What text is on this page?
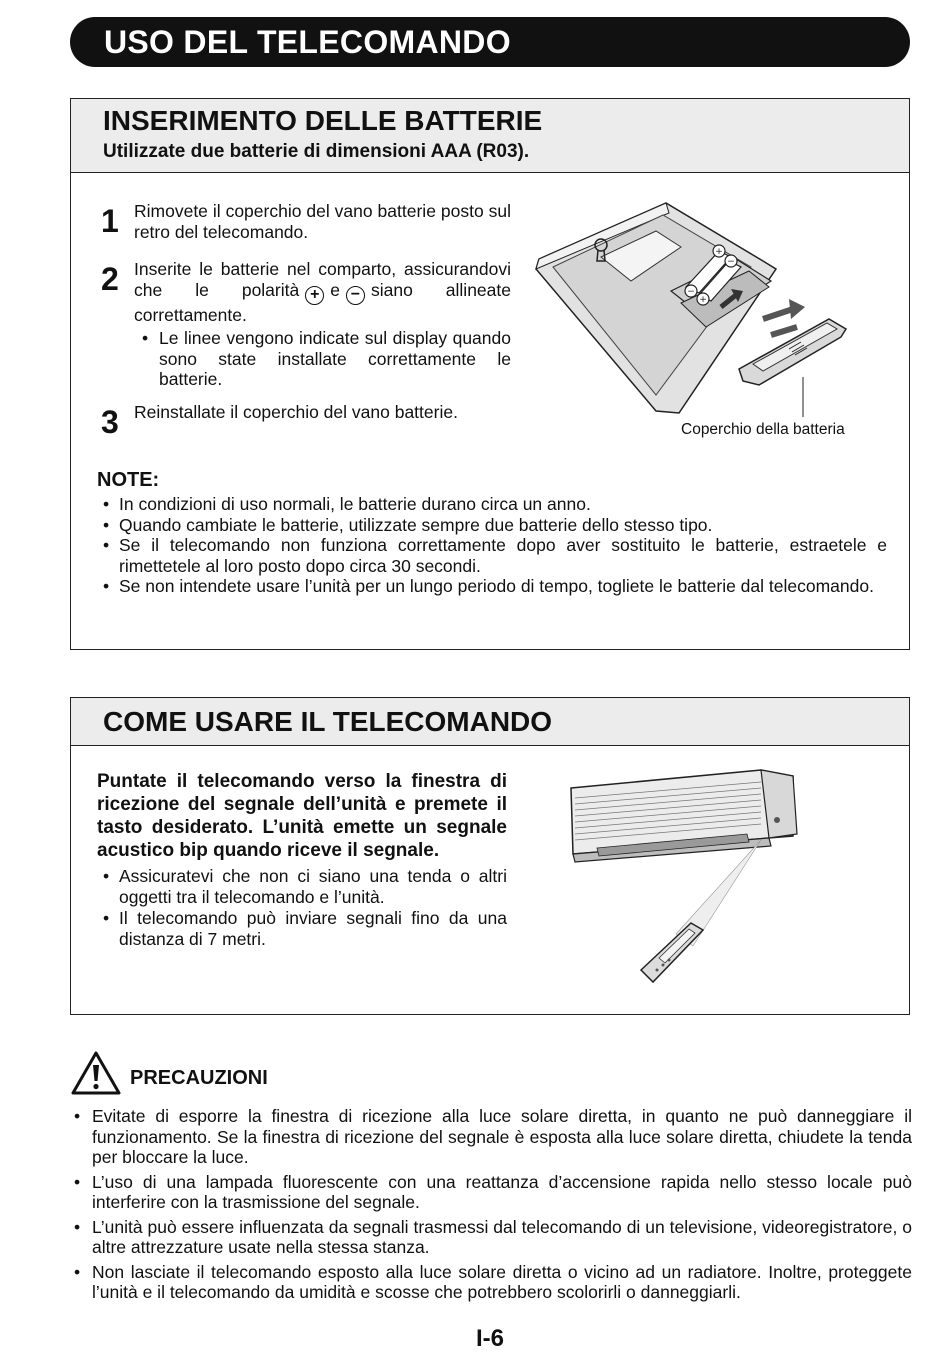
USO DEL TELECOMANDO
INSERIMENTO DELLE BATTERIE
Utilizzate due batterie di dimensioni AAA (R03).
1 Rimovete il coperchio del vano batterie posto sul retro del telecomando.
2 Inserite le batterie nel comparto, assicurandovi che le polarità + e − siano allineate correttamente.
• Le linee vengono indicate sul display quando sono state installate correttamente le batterie.
3 Reinstallate il coperchio del vano batterie.
+
−
−
+
Coperchio della batteria
NOTE:
• In condizioni di uso normali, le batterie durano circa un anno.
• Quando cambiate le batterie, utilizzate sempre due batterie dello stesso tipo.
• Se il telecomando non funziona correttamente dopo aver sostituito le batterie, estraetele e rimettetele al loro posto dopo circa 30 secondi.
• Se non intendete usare l’unità per un lungo periodo di tempo, togliete le batterie dal telecomando.
COME USARE IL TELECOMANDO

Puntate il telecomando verso la finestra di ricezione del segnale dell’unità e premete il tasto desiderato. L’unità emette un segnale acustico bip quando riceve il segnale.

• Assicuratevi che non ci siano una tenda o altri oggetti tra il telecomando e l’unità.
• Il telecomando può inviare segnali fino da una distanza di 7 metri.
PRECAUZIONI
• Evitate di esporre la finestra di ricezione alla luce solare diretta, in quanto ne può danneggiare il funzionamento. Se la finestra di ricezione del segnale è esposta alla luce solare diretta, chiudete la tenda per bloccare la luce.
• L’uso di una lampada fluorescente con una reattanza d’accensione rapida nello stesso locale può interferire con la trasmissione del segnale.
• L’unità può essere influenzata da segnali trasmessi dal telecomando di un televisione, videoregistratore, o altre attrezzature usate nella stessa stanza.
• Non lasciate il telecomando esposto alla luce solare diretta o vicino ad un radiatore. Inoltre, proteggete l’unità e il telecomando da umidità e scosse che potrebbero scolorirli o danneggiarli.
I-6
